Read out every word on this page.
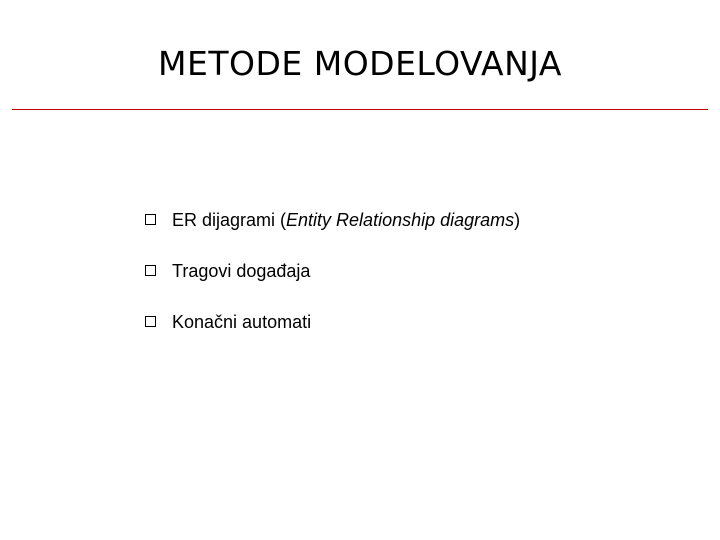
METODE MODELOVANJA
ER dijagrami (Entity Relationship diagrams)
Tragovi događaja
Konačni automati
